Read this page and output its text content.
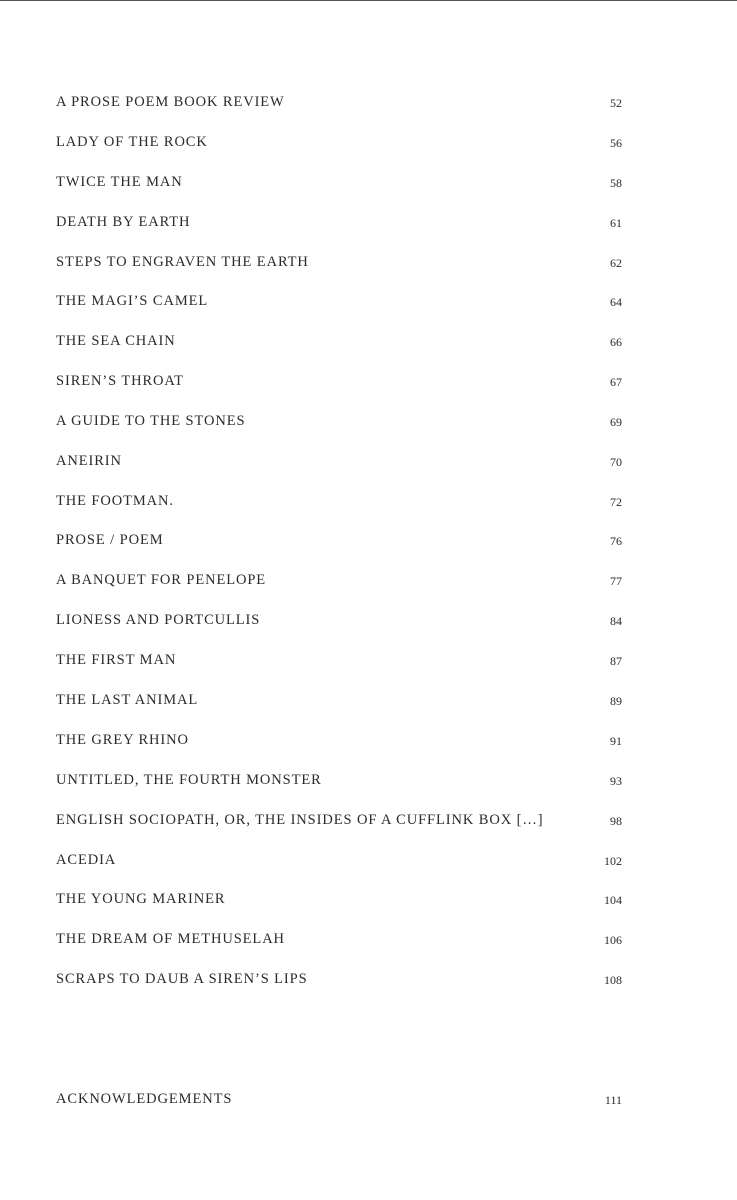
A PROSE POEM BOOK REVIEW	52
LADY OF THE ROCK	56
TWICE THE MAN	58
DEATH BY EARTH	61
STEPS TO ENGRAVEN THE EARTH	62
THE MAGI’S CAMEL	64
THE SEA CHAIN	66
SIREN’S THROAT	67
A GUIDE TO THE STONES	69
ANEIRIN	70
THE FOOTMAN.	72
PROSE / POEM	76
A BANQUET FOR PENELOPE	77
LIONESS AND PORTCULLIS	84
THE FIRST MAN	87
THE LAST ANIMAL	89
THE GREY RHINO	91
UNTITLED, THE FOURTH MONSTER	93
ENGLISH SOCIOPATH, OR, THE INSIDES OF A CUFFLINK BOX […]	98
ACEDIA	102
THE YOUNG MARINER	104
THE DREAM OF METHUSELAH	106
SCRAPS TO DAUB A SIREN’S LIPS	108
ACKNOWLEDGEMENTS	111
